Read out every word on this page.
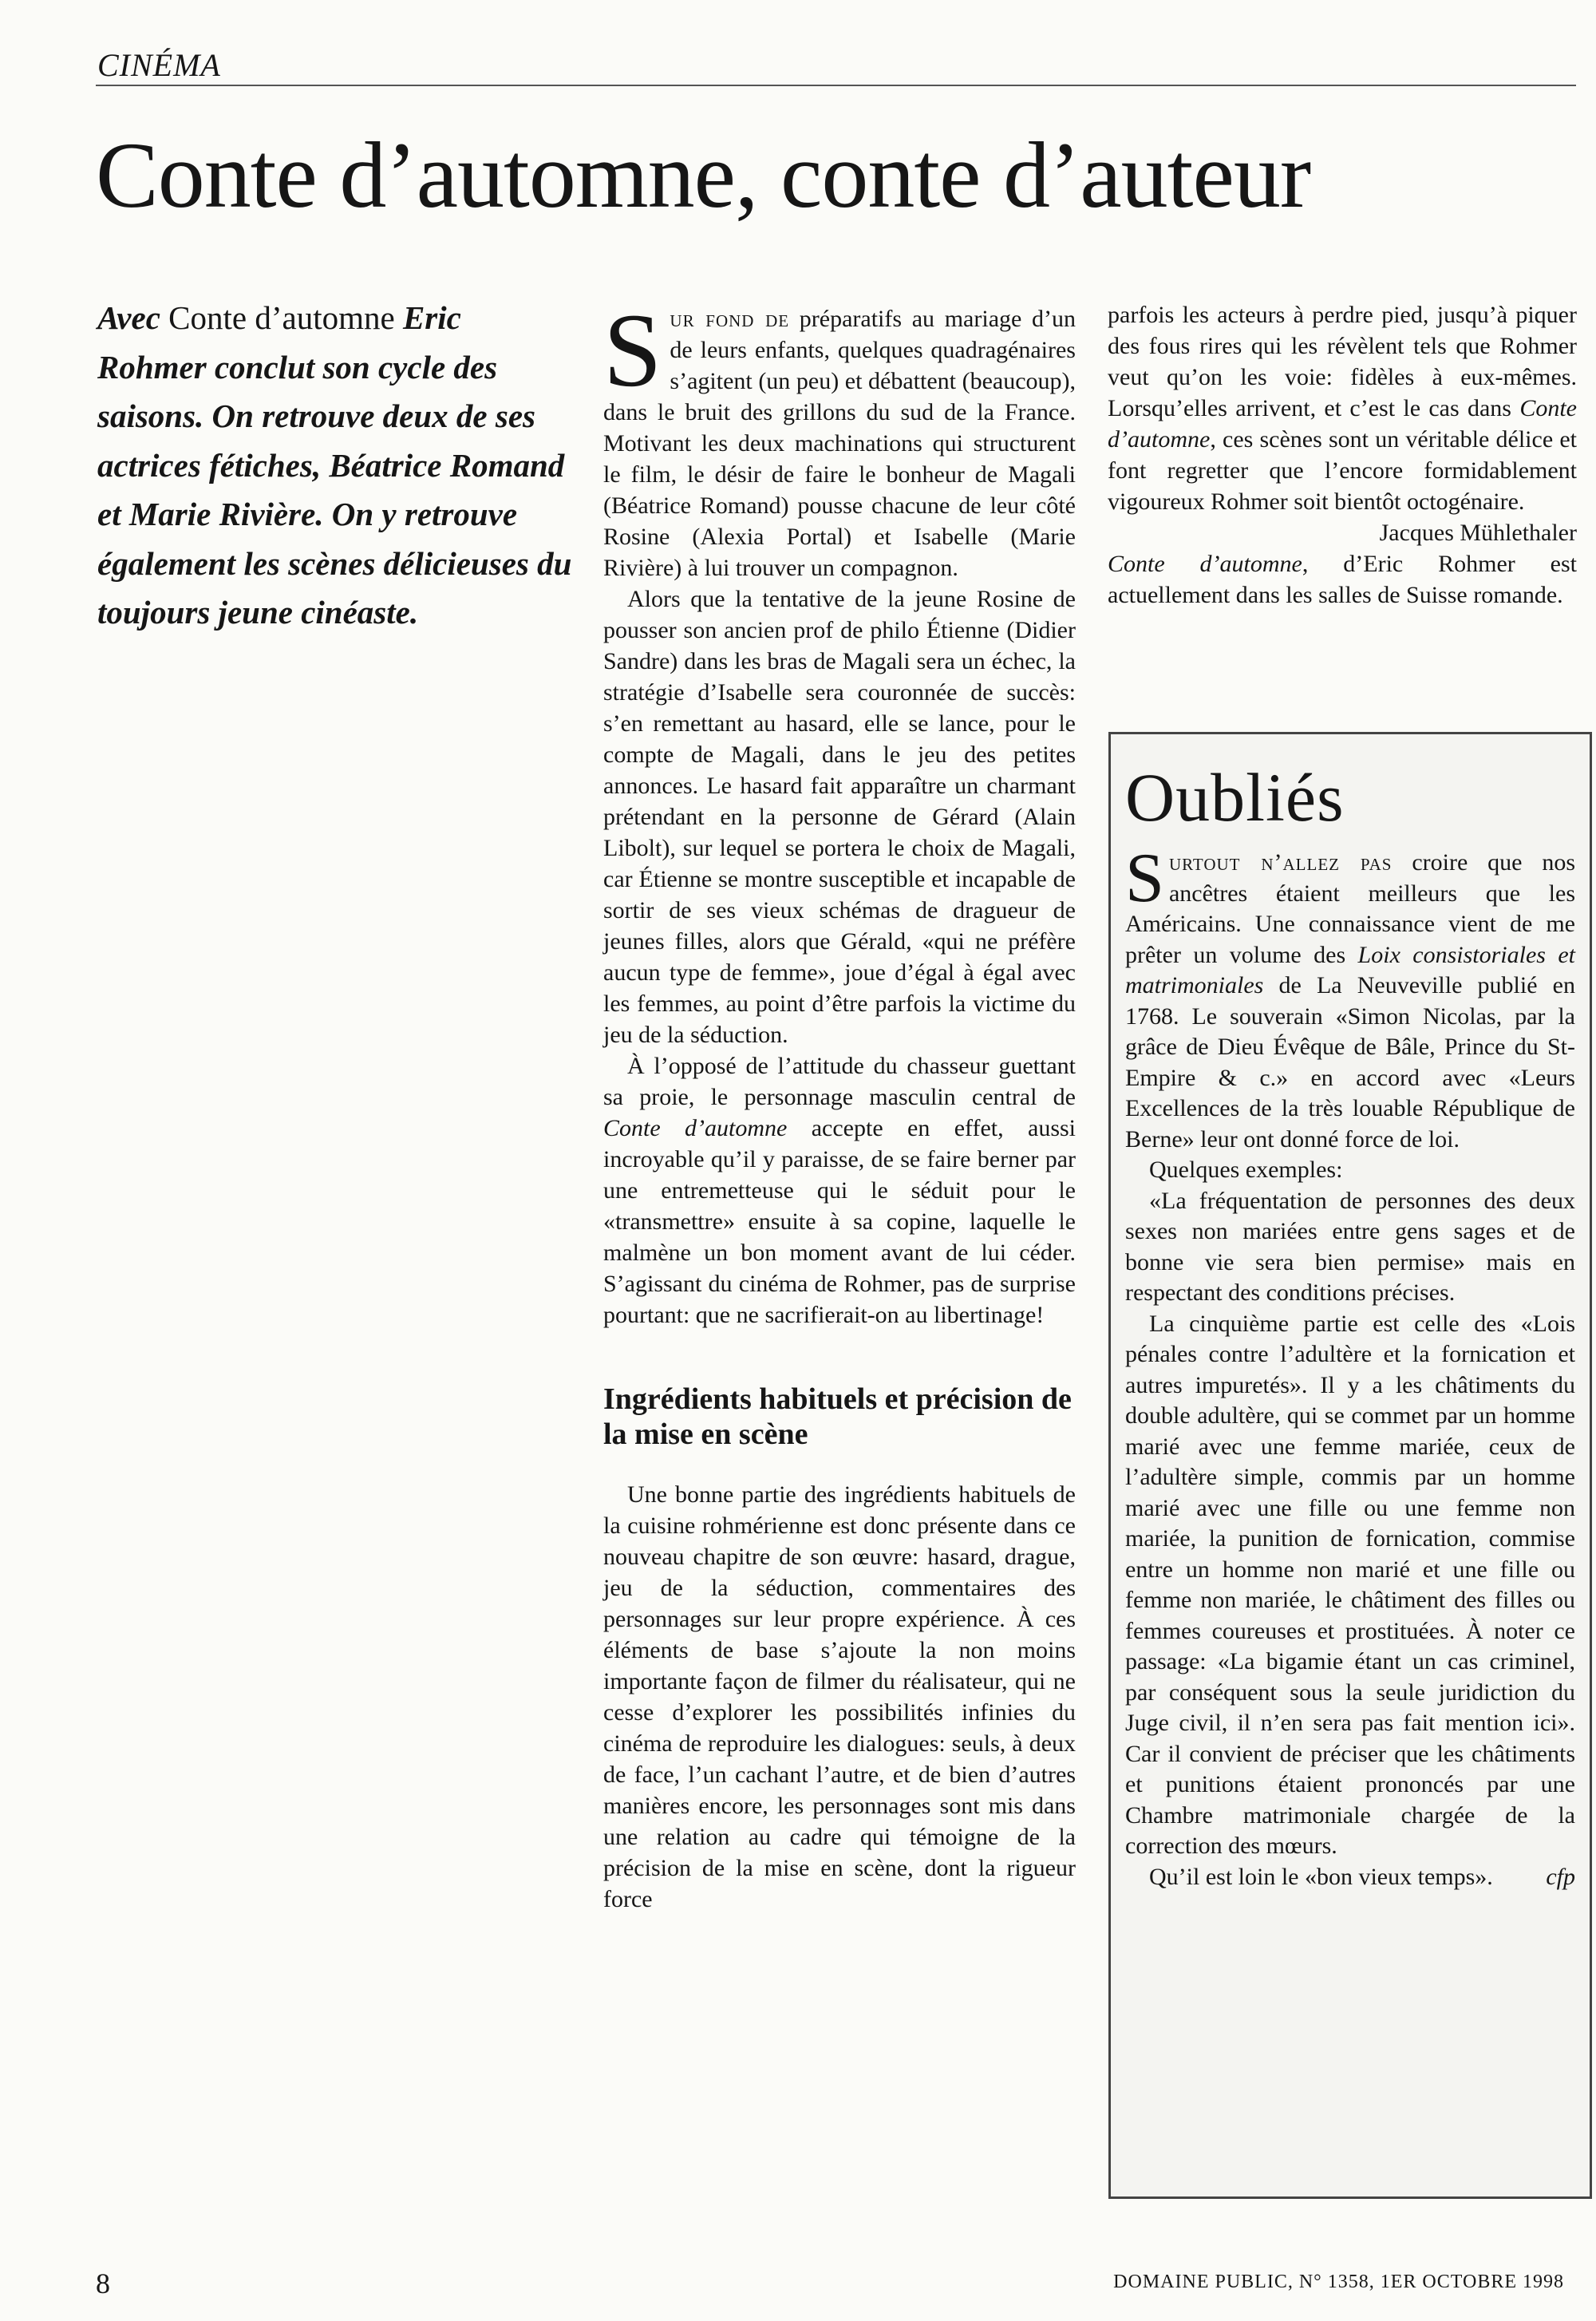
CINÉMA
Conte d’automne, conte d’auteur
Avec Conte d’automne Eric Rohmer conclut son cycle des saisons. On retrouve deux de ses actrices fétiches, Béatrice Romand et Marie Rivière. On y retrouve également les scènes délicieuses du toujours jeune cinéaste.

Sur fond de préparatifs au mariage d’un de leurs enfants, quelques quadragénaires s’agitent (un peu) et débattent (beaucoup), dans le bruit des grillons du sud de la France. Motivant les deux machinations qui structurent le film, le désir de faire le bonheur de Magali (Béatrice Romand) pousse chacune de leur côté Rosine (Alexia Portal) et Isabelle (Marie Rivière) à lui trouver un compagnon.

Alors que la tentative de la jeune Rosine de pousser son ancien prof de philo Étienne (Didier Sandre) dans les bras de Magali sera un échec, la stratégie d’Isabelle sera couronnée de succès: s’en remettant au hasard, elle se lance, pour le compte de Magali, dans le jeu des petites annonces. Le hasard fait apparaître un charmant prétendant en la personne de Gérard (Alain Libolt), sur lequel se portera le choix de Magali, car Étienne se montre susceptible et incapable de sortir de ses vieux schémas de dragueur de jeunes filles, alors que Gérald, «qui ne préfère aucun type de femme», joue d’égal à égal avec les femmes, au point d’être parfois la victime du jeu de la séduction.

À l’opposé de l’attitude du chasseur guettant sa proie, le personnage masculin central de Conte d’automne accepte en effet, aussi incroyable qu’il y paraisse, de se faire berner par une entremetteuse qui le séduit pour le «transmettre» ensuite à sa copine, laquelle le malmène un bon moment avant de lui céder. S’agissant du cinéma de Rohmer, pas de surprise pourtant: que ne sacrifierait-on au libertinage!

Ingrédients habituels et précision de la mise en scène

Une bonne partie des ingrédients habituels de la cuisine rohmérienne est donc présente dans ce nouveau chapitre de son œuvre: hasard, drague, jeu de la séduction, commentaires des personnages sur leur propre expérience. À ces éléments de base s’ajoute la non moins importante façon de filmer du réalisateur, qui ne cesse d’explorer les possibilités infinies du cinéma de reproduire les dialogues: seuls, à deux de face, l’un cachant l’autre, et de bien d’autres manières encore, les personnages sont mis dans une relation au cadre qui témoigne de la précision de la mise en scène, dont la rigueur force

parfois les acteurs à perdre pied, jusqu’à piquer des fous rires qui les révèlent tels que Rohmer veut qu’on les voie: fidèles à eux-mêmes. Lorsqu’elles arrivent, et c’est le cas dans Conte d’automne, ces scènes sont un véritable délice et font regretter que l’encore formidablement vigoureux Rohmer soit bientôt octogénaire.

Jacques Mühlethaler

Conte d’automne, d’Eric Rohmer est actuellement dans les salles de Suisse romande.

Oubliés

Surtout n’allez pas croire que nos ancêtres étaient meilleurs que les Américains. Une connaissance vient de me prêter un volume des Loix consistoriales et matrimoniales de La Neuveville publié en 1768. Le souverain «Simon Nicolas, par la grâce de Dieu Évêque de Bâle, Prince du St-Empire & c.» en accord avec «Leurs Excellences de la très louable République de Berne» leur ont donné force de loi.

Quelques exemples:

«La fréquentation de personnes des deux sexes non mariées entre gens sages et de bonne vie sera bien permise» mais en respectant des conditions précises.

La cinquième partie est celle des «Lois pénales contre l’adultère et la fornication et autres impuretés». Il y a les châtiments du double adultère, qui se commet par un homme marié avec une femme mariée, ceux de l’adultère simple, commis par un homme marié avec une fille ou une femme non mariée, la punition de fornication, commise entre un homme non marié et une fille ou femme non mariée, le châtiment des filles ou femmes coureuses et prostituées. À noter ce passage: «La bigamie étant un cas criminel, par conséquent sous la seule juridiction du Juge civil, il n’en sera pas fait mention ici». Car il convient de préciser que les châtiments et punitions étaient prononcés par une Chambre matrimoniale chargée de la correction des mœurs.

Qu’il est loin le «bon vieux temps».	cfp

8	DOMAINE PUBLIC, N° 1358, 1ER OCTOBRE 1998
